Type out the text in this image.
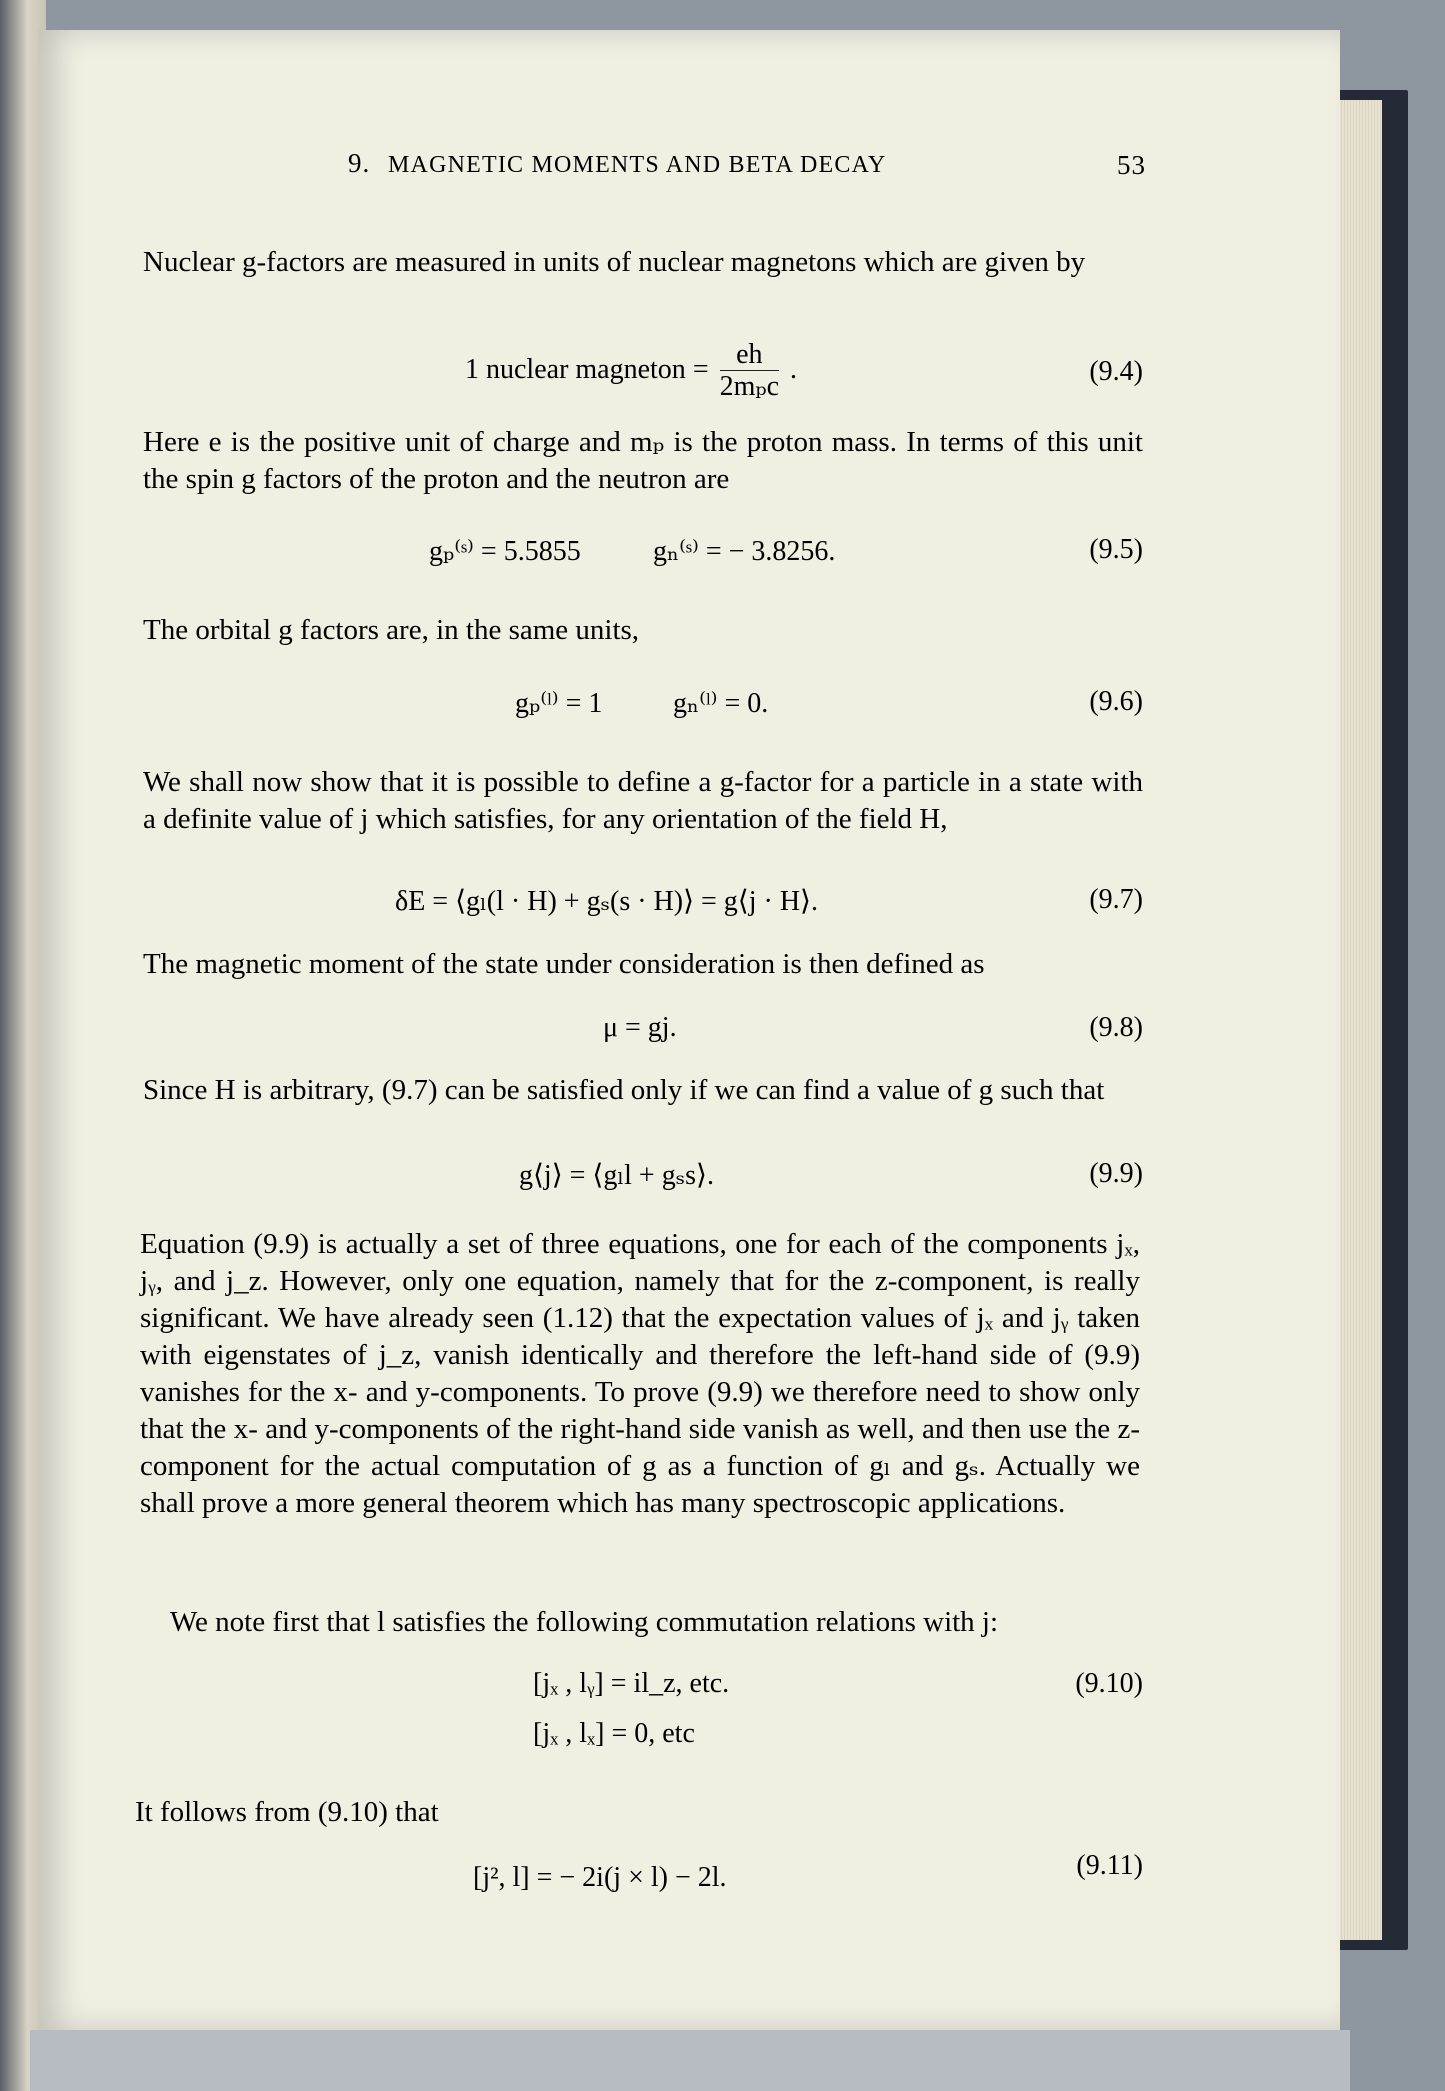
9. MAGNETIC MOMENTS AND BETA DECAY	53
Nuclear g-factors are measured in units of nuclear magnetons which are given by
1 nuclear magneton = $\frac{eh}{\text{2mₚc}}$ .	(9.4)
Here e is the positive unit of charge and mₚ is the proton mass. In terms of this unit the spin g factors of the proton and the neutron are
gₚ⁽ˢ⁾ = 5.5855	gₙ⁽ˢ⁾ = − 3.8256.	(9.5)
The orbital g factors are, in the same units,
gₚ⁽ˡ⁾ = 1	gₙ⁽ˡ⁾ = 0.	(9.6)
We shall now show that it is possible to define a g-factor for a particle in a state with a definite value of j which satisfies, for any orientation of the field H,
δE = ⟨gₗ(l · H) + gₛ(s · H)⟩ = g⟨j · H⟩.	(9.7)
The magnetic moment of the state under consideration is then defined as
μ = gj.	(9.8)
Since H is arbitrary, (9.7) can be satisfied only if we can find a value of g such that
g⟨j⟩ = ⟨gₗl + gₛs⟩.	(9.9)
Equation (9.9) is actually a set of three equations, one for each of the components jₓ, jᵧ, and j_z. However, only one equation, namely that for the z-component, is really significant. We have already seen (1.12) that the expectation values of jₓ and jᵧ taken with eigenstates of j_z, vanish identically and therefore the left-hand side of (9.9) vanishes for the x- and y-components. To prove (9.9) we therefore need to show only that the x- and y-components of the right-hand side vanish as well, and then use the z-component for the actual computation of g as a function of gₗ and gₛ. Actually we shall prove a more general theorem which has many spectroscopic applications.
We note first that l satisfies the following commutation relations with j:
[jₓ , lᵧ] = il_z, etc.	(9.10)
[jₓ , lₓ] = 0, etc
It follows from (9.10) that
[j², l] = − 2i(j × l) − 2l.	(9.11)
